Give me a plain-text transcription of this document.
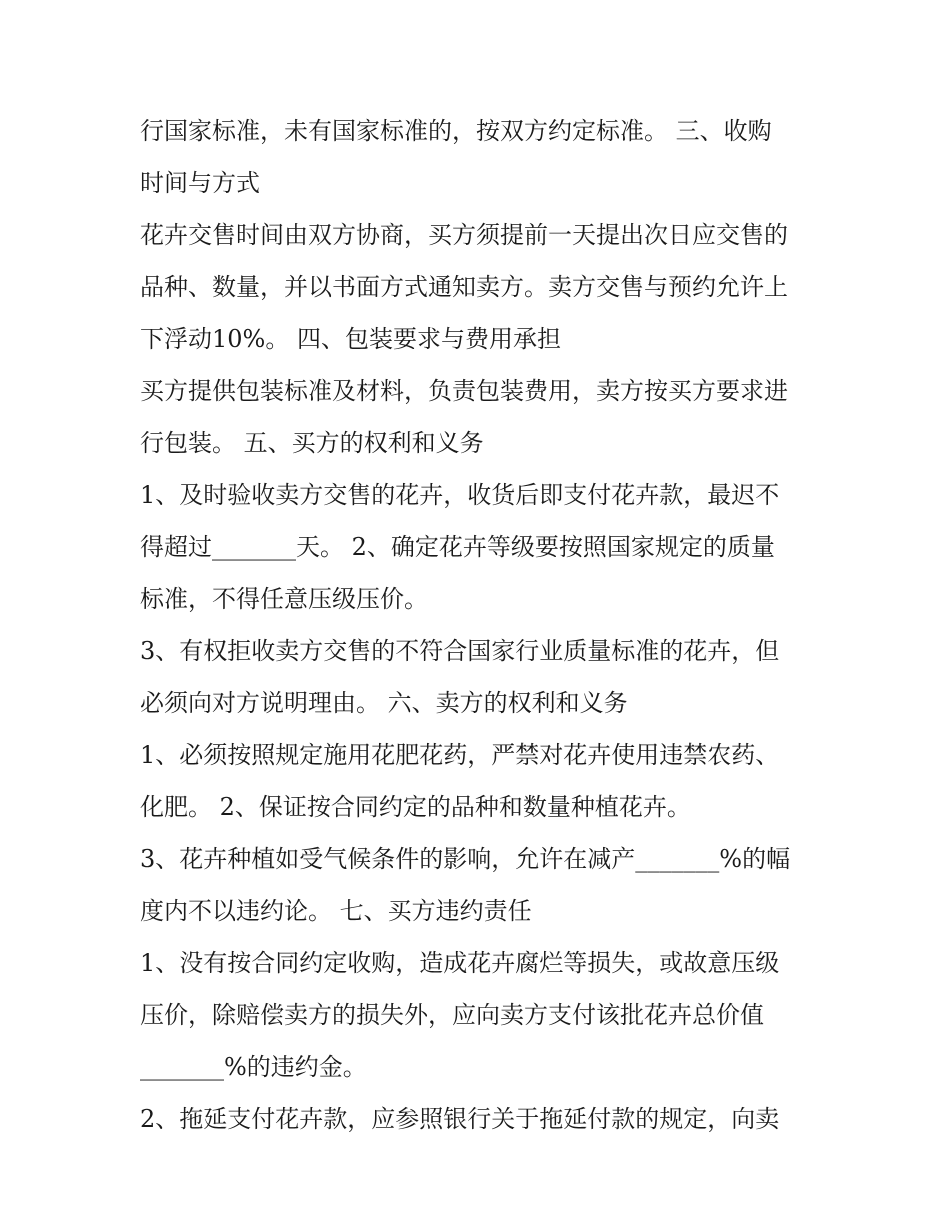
行国家标准，未有国家标准的，按双方约定标准。 三、收购

时间与方式

花卉交售时间由双方协商，买方须提前一天提出次日应交售的

品种、数量，并以书面方式通知卖方。卖方交售与预约允许上

下浮动10%。 四、包装要求与费用承担

买方提供包装标准及材料，负责包装费用，卖方按买方要求进

行包装。 五、买方的权利和义务

1、及时验收卖方交售的花卉，收货后即支付花卉款，最迟不

得超过_______天。 2、确定花卉等级要按照国家规定的质量

标准，不得任意压级压价。

3、有权拒收卖方交售的不符合国家行业质量标准的花卉，但

必须向对方说明理由。 六、卖方的权利和义务

1、必须按照规定施用花肥花药，严禁对花卉使用违禁农药、

化肥。 2、保证按合同约定的品种和数量种植花卉。

3、花卉种植如受气候条件的影响，允许在减产_______%的幅

度内不以违约论。 七、买方违约责任

1、没有按合同约定收购，造成花卉腐烂等损失，或故意压级

压价，除赔偿卖方的损失外，应向卖方支付该批花卉总价值

_______%的违约金。

2、拖延支付花卉款，应参照银行关于拖延付款的规定，向卖
